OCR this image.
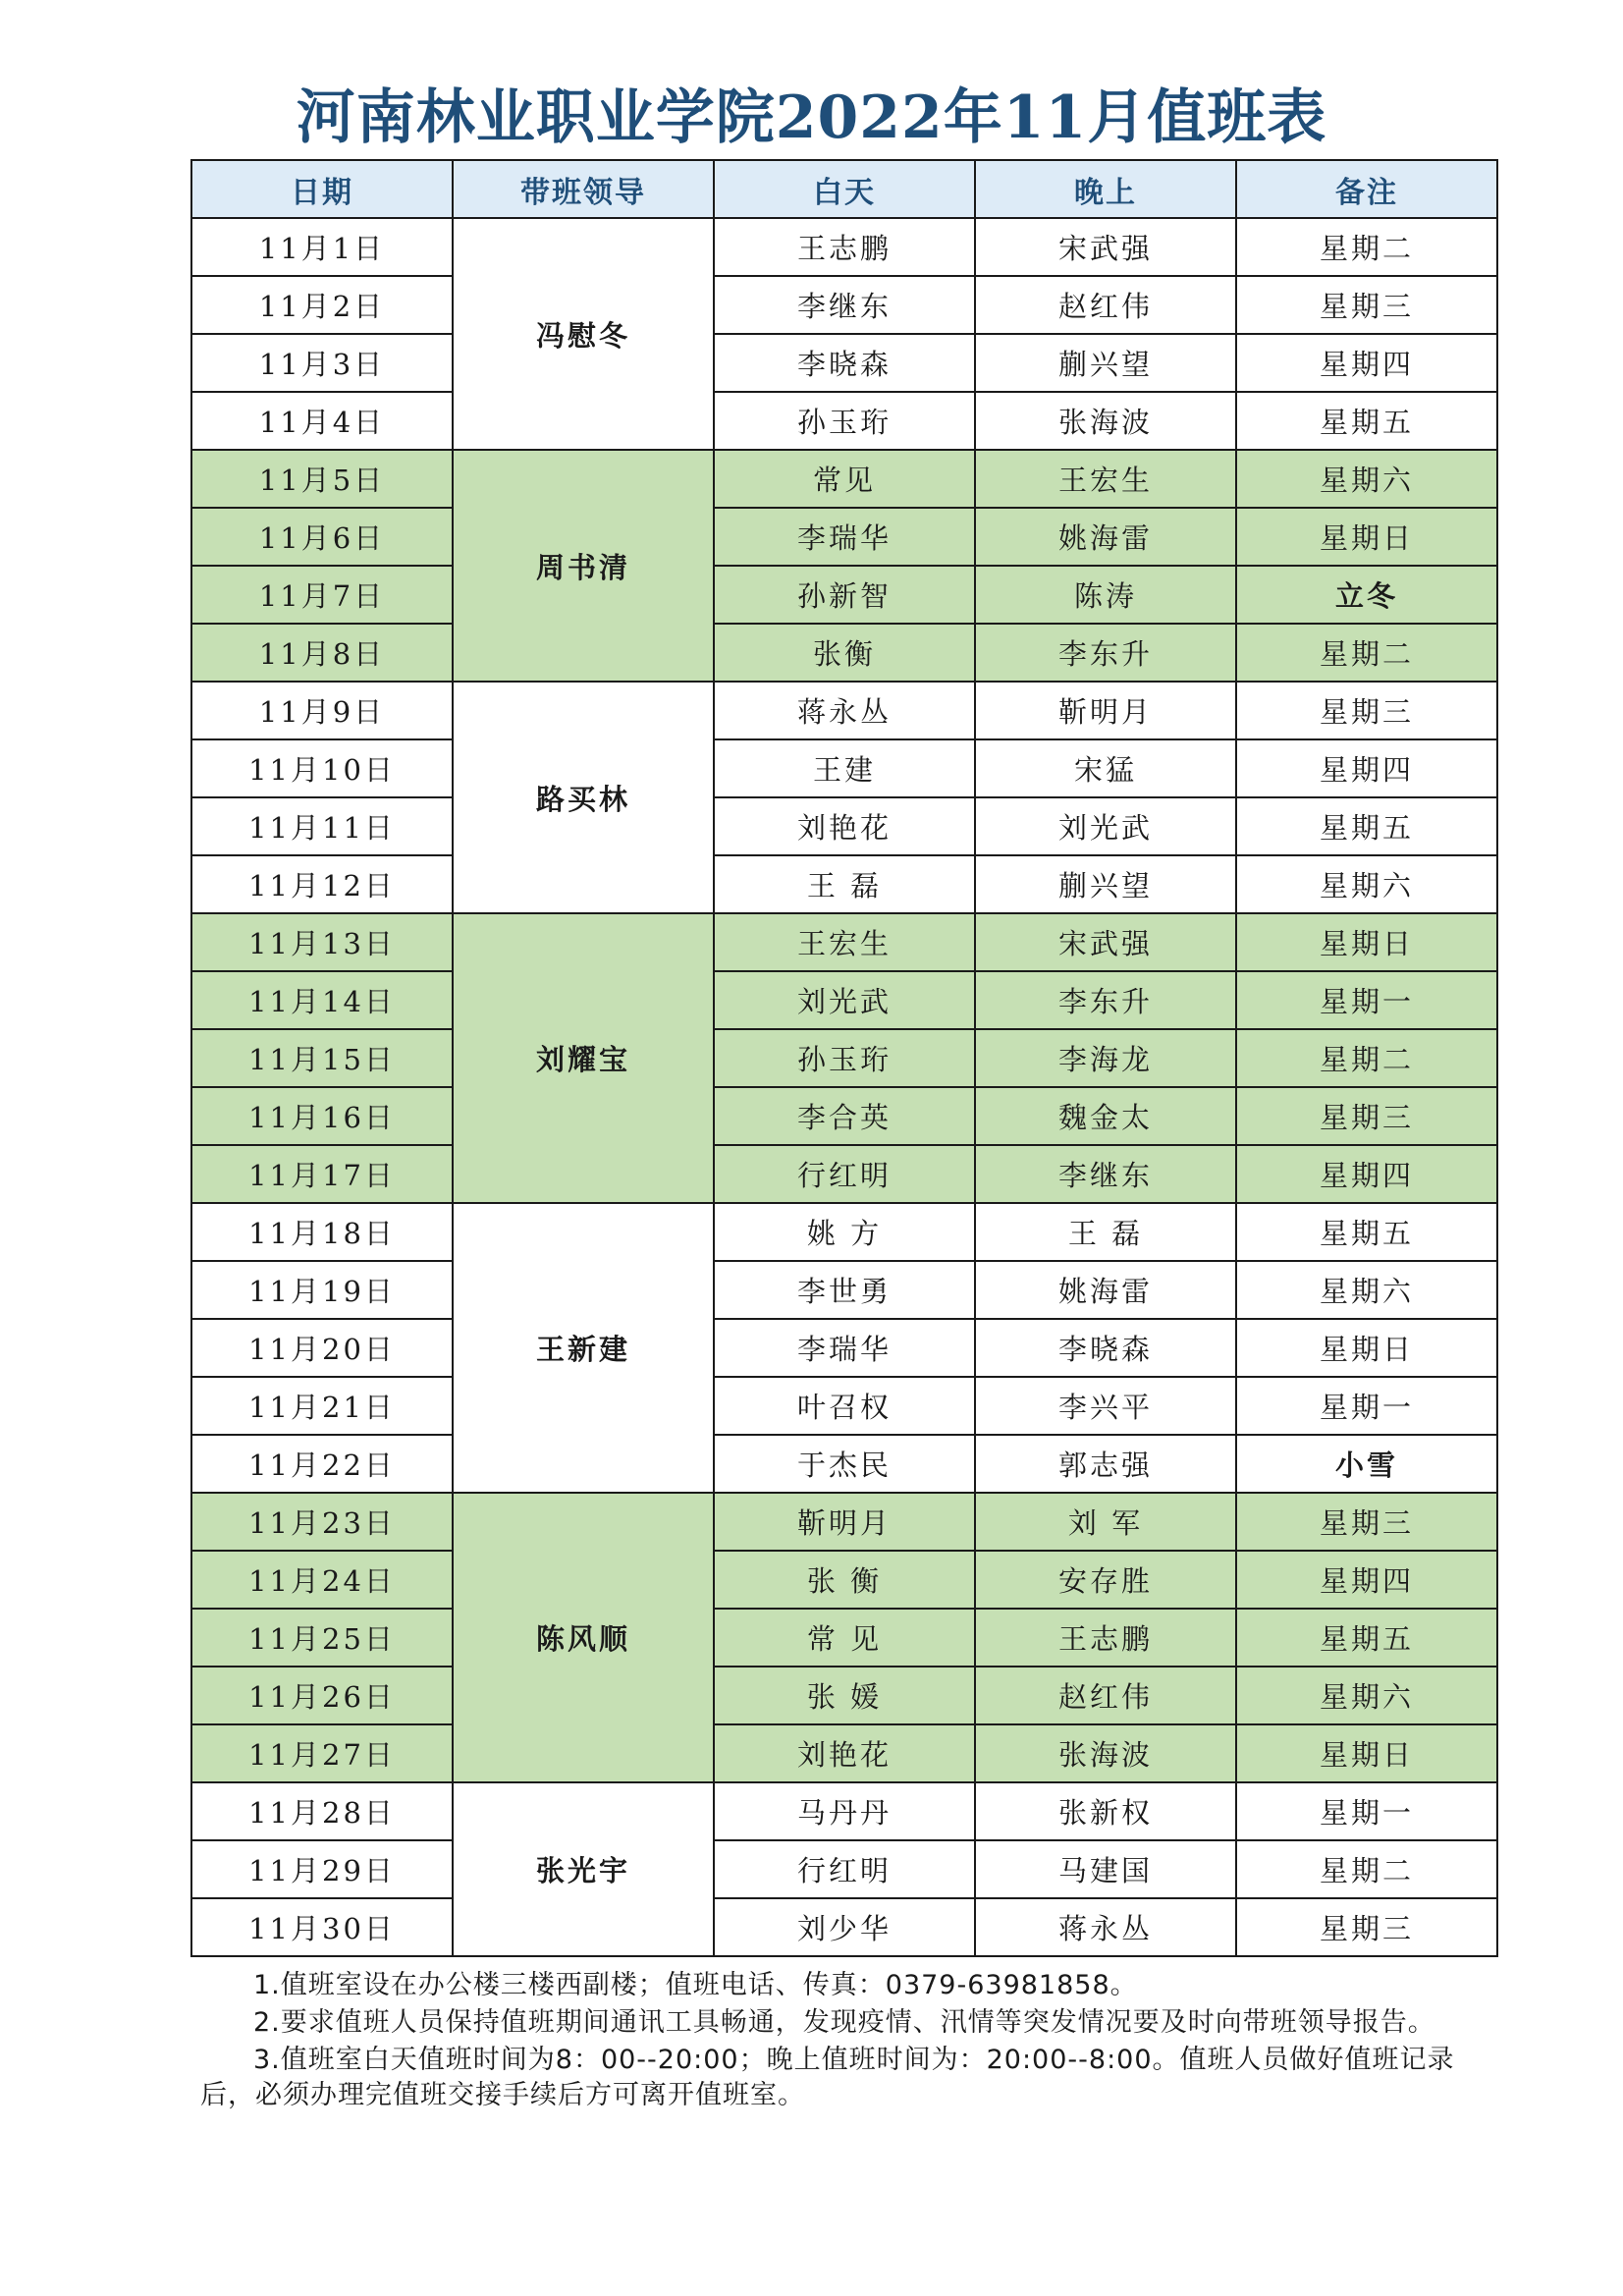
河南林业职业学院2022年11月值班表
日期	带班领导	白天	晚上	备注
11月1日	冯慰冬	王志鹏	宋武强	星期二
11月2日		李继东	赵红伟	星期三
11月3日		李晓森	蒯兴望	星期四
11月4日		孙玉珩	张海波	星期五
11月5日	周书清	常见	王宏生	星期六
11月6日		李瑞华	姚海雷	星期日
11月7日		孙新智	陈涛	立冬
11月8日		张衡	李东升	星期二
11月9日	路买林	蒋永丛	靳明月	星期三
11月10日		王建	宋猛	星期四
11月11日		刘艳花	刘光武	星期五
11月12日		王 磊	蒯兴望	星期六
11月13日	刘耀宝	王宏生	宋武强	星期日
11月14日		刘光武	李东升	星期一
11月15日		孙玉珩	李海龙	星期二
11月16日		李合英	魏金太	星期三
11月17日		行红明	李继东	星期四
11月18日	王新建	姚 方	王 磊	星期五
11月19日		李世勇	姚海雷	星期六
11月20日		李瑞华	李晓森	星期日
11月21日		叶召权	李兴平	星期一
11月22日		于杰民	郭志强	小雪
11月23日	陈风顺	靳明月	刘 军	星期三
11月24日		张 衡	安存胜	星期四
11月25日		常 见	王志鹏	星期五
11月26日		张 媛	赵红伟	星期六
11月27日		刘艳花	张海波	星期日
11月28日	张光宇	马丹丹	张新权	星期一
11月29日		行红明	马建国	星期二
11月30日		刘少华	蒋永丛	星期三

1.值班室设在办公楼三楼西副楼；值班电话、传真：0379-63981858。

2.要求值班人员保持值班期间通讯工具畅通，发现疫情、汛情等突发情况要及时向带班领导报告。

3.值班室白天值班时间为8：00--20:00；晚上值班时间为：20:00--8:00。值班人员做好值班记录后，必须办理完值班交接手续后方可离开值班室。
